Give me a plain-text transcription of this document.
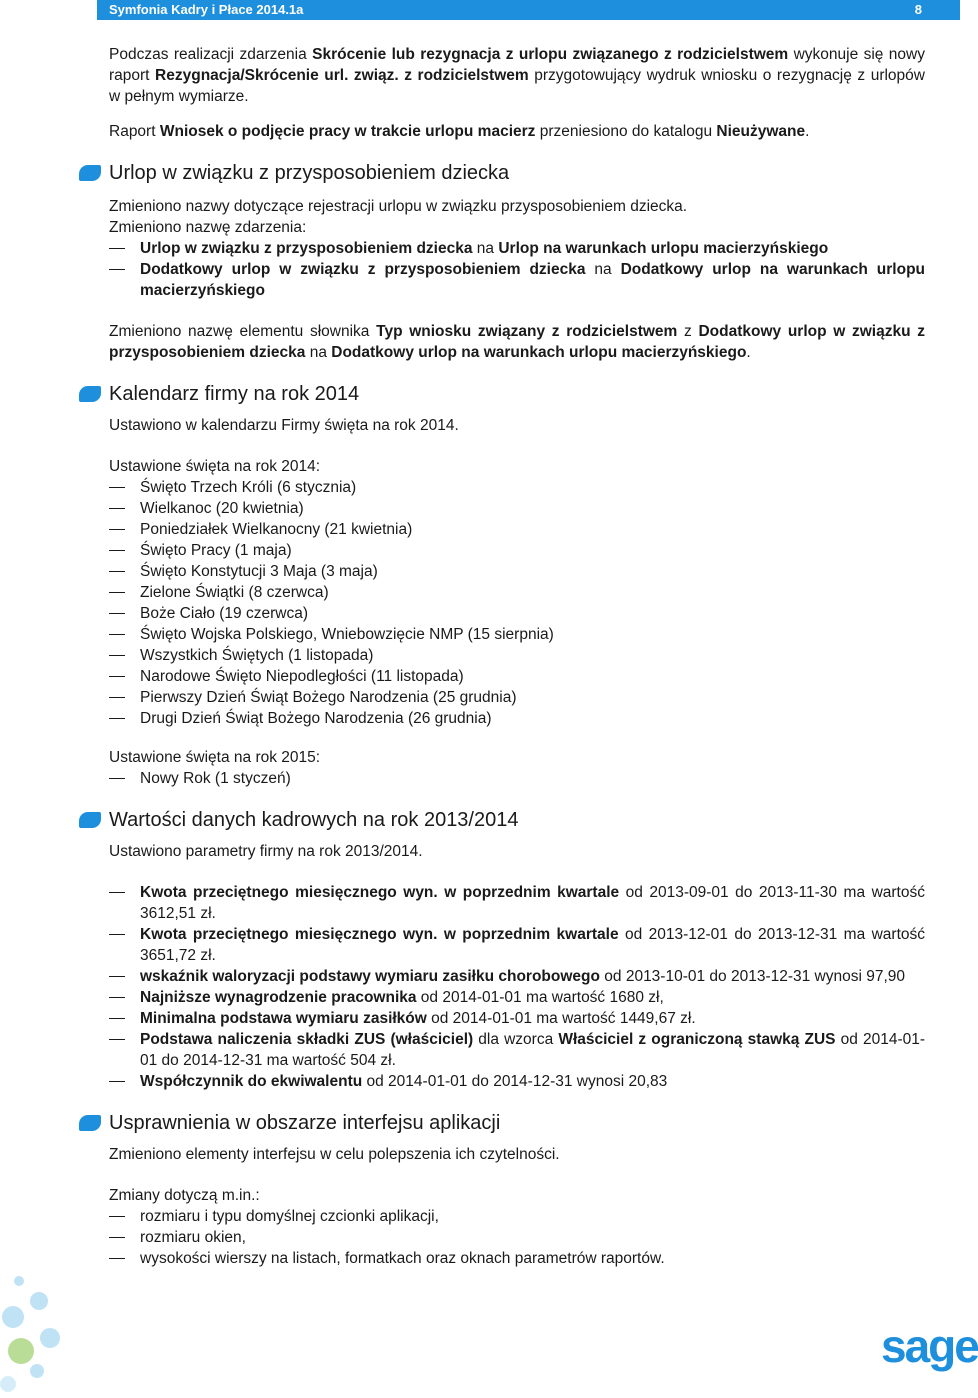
Symfonia Kadry i Płace 2014.1a	8

Podczas realizacji zdarzenia Skrócenie lub rezygnacja z urlopu związanego z rodzicielstwem wykonuje się nowy raport Rezygnacja/Skrócenie url. związ. z rodzicielstwem przygotowujący wydruk wniosku o rezygnację z urlopów w pełnym wymiarze.

Raport Wniosek o podjęcie pracy w trakcie urlopu macierz przeniesiono do katalogu Nieużywane.

Urlop w związku z przysposobieniem dziecka

Zmieniono nazwy dotyczące rejestracji urlopu w związku przysposobieniem dziecka.

Zmieniono nazwę zdarzenia:

Urlop w związku z przysposobieniem dziecka na Urlop na warunkach urlopu macierzyńskiego
Dodatkowy urlop w związku z przysposobieniem dziecka na Dodatkowy urlop na warunkach urlopu macierzyńskiego

Zmieniono nazwę elementu słownika Typ wniosku związany z rodzicielstwem z Dodatkowy urlop w związku z przysposobieniem dziecka na Dodatkowy urlop na warunkach urlopu macierzyńskiego.

Kalendarz firmy na rok 2014

Ustawiono w kalendarzu Firmy święta na rok 2014.

Ustawione święta na rok 2014:

Święto Trzech Króli (6 stycznia)
Wielkanoc (20 kwietnia)
Poniedziałek Wielkanocny (21 kwietnia)
Święto Pracy (1 maja)
Święto Konstytucji 3 Maja (3 maja)
Zielone Świątki (8 czerwca)
Boże Ciało (19 czerwca)
Święto Wojska Polskiego, Wniebowzięcie NMP (15 sierpnia)
Wszystkich Świętych (1 listopada)
Narodowe Święto Niepodległości (11 listopada)
Pierwszy Dzień Świąt Bożego Narodzenia (25 grudnia)
Drugi Dzień Świąt Bożego Narodzenia (26 grudnia)

Ustawione święta na rok 2015:

Nowy Rok (1 styczeń)
Wartości danych kadrowych na rok 2013/2014

Ustawiono parametry firmy na rok 2013/2014.

Kwota przeciętnego miesięcznego wyn. w poprzednim kwartale od 2013-09-01 do 2013-11-30 ma wartość 3612,51 zł.
Kwota przeciętnego miesięcznego wyn. w poprzednim kwartale od 2013-12-01 do 2013-12-31 ma wartość 3651,72 zł.
wskaźnik waloryzacji podstawy wymiaru zasiłku chorobowego od 2013-10-01 do 2013-12-31 wynosi 97,90
Najniższe wynagrodzenie pracownika od 2014-01-01 ma wartość 1680 zł,
Minimalna podstawa wymiaru zasiłków od 2014-01-01 ma wartość 1449,67 zł.
Podstawa naliczenia składki ZUS (właściciel) dla wzorca Właściciel z ograniczoną stawką ZUS od 2014-01-01 do 2014-12-31 ma wartość 504 zł.
Współczynnik do ekwiwalentu od 2014-01-01 do 2014-12-31 wynosi 20,83
Usprawnienia w obszarze interfejsu aplikacji

Zmieniono elementy interfejsu w celu polepszenia ich czytelności.

Zmiany dotyczą m.in.:

rozmiaru i typu domyślnej czcionki aplikacji,
rozmiaru okien,
wysokości wierszy na listach, formatkach oraz oknach parametrów raportów.
sage
